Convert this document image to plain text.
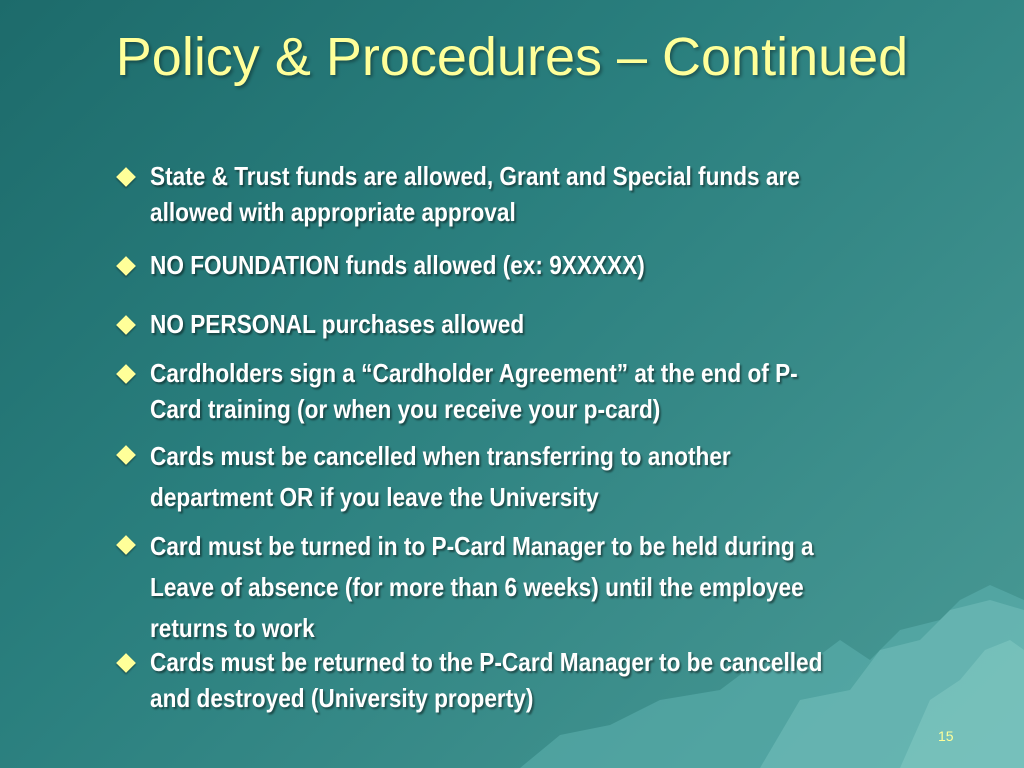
Policy & Procedures – Continued
State & Trust funds are allowed, Grant and Special funds are
allowed with appropriate approval
NO FOUNDATION funds allowed (ex: 9XXXXX)
NO PERSONAL purchases allowed
Cardholders sign a “Cardholder Agreement” at the end of P-
Card training (or when you receive your p-card)
Cards must be cancelled when transferring to another
department OR if you leave the University
Card must be turned in to P-Card Manager to be held during a
Leave of absence (for more than 6 weeks) until the employee
returns to work
Cards must be returned to the P-Card Manager to be cancelled
and destroyed (University property)
15
